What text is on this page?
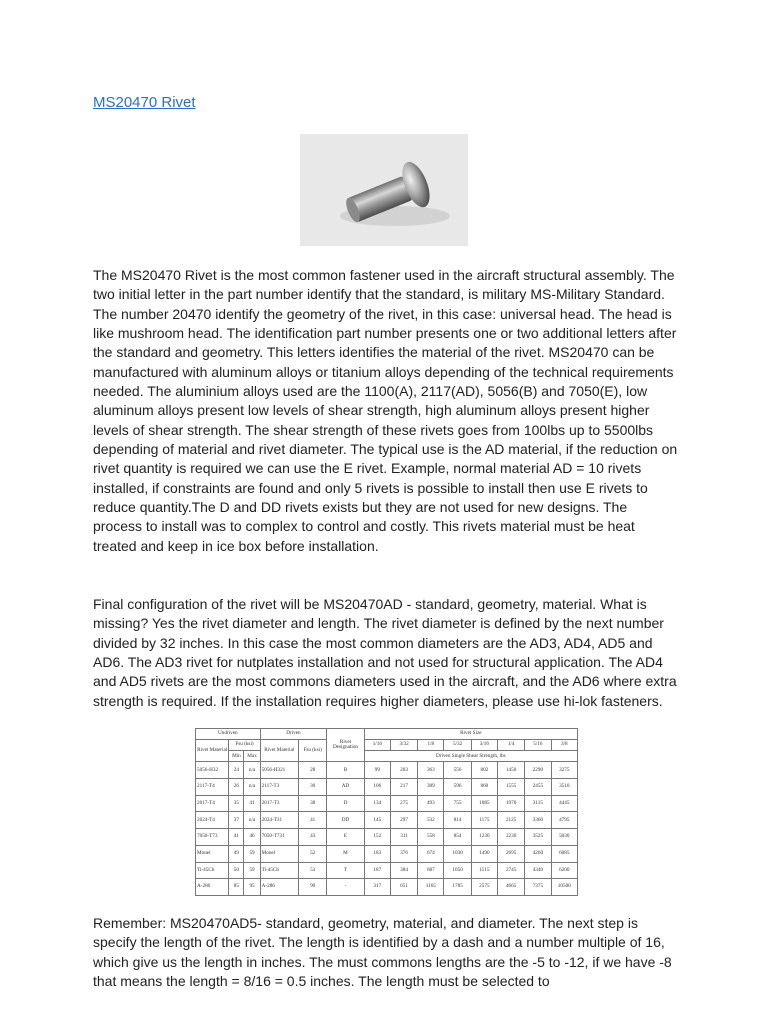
MS20470 Rivet

The MS20470 Rivet is the most common fastener used in the aircraft structural assembly. The two initial letter in the part number identify that the standard, is military MS-Military Standard. The number 20470 identify the geometry of the rivet, in this case: universal head. The head is like mushroom head. The identification part number presents one or two additional letters after the standard and geometry. This letters identifies the material of the rivet. MS20470 can be manufactured with aluminum alloys or titanium alloys depending of the technical requirements needed. The aluminium alloys used are the 1100(A), 2117(AD), 5056(B) and 7050(E), low aluminum alloys present low levels of shear strength, high aluminum alloys present higher levels of shear strength. The shear strength of these rivets goes from 100lbs up to 5500lbs depending of material and rivet diameter. The typical use is the AD material, if the reduction on rivet quantity is required we can use the E rivet. Example, normal material AD = 10 rivets installed, if constraints are found and only 5 rivets is possible to install then use E rivets to reduce quantity.The D and DD rivets exists but they are not used for new designs. The process to install was to complex to control and costly. This rivets material must be heat treated and keep in ice box before installation.

Final configuration of the rivet will be MS20470AD - standard, geometry, material. What is missing? Yes the rivet diameter and length. The rivet diameter is defined by the next number divided by 32 inches. In this case the most common diameters are the AD3, AD4, AD5 and AD6. The AD3 rivet for nutplates installation and not used for structural application. The AD4 and AD5 rivets are the most commons diameters used in the aircraft, and the AD6 where extra strength is required. If the installation requires higher diameters, please use hi-lok fasteners.

Undriven			Driven		Rivet Designation	Rivet Size							
Rivet Material	Fsu (ksi)		Rivet Material	Fsu (ksi)		1/16	3/32	1/8	5/32	3/16	1/4	5/16	3/8
	Min	Max				Driven Single Shear Strength, lbs							
5056-H32	24	n/a	5056-H321	28	B	99	203	363	556	802	1450	2290	3275
2117-T4	26	n/a	2117-T3	30	AD	106	217	389	596	860	1555	2455	3510
2017-T4	35	41	2017-T3	38	D	134	275	493	755	1085	1970	3115	4445
2024-T4	37	n/a	2024-T31	41	DD	145	297	532	814	1175	2125	3360	4795
7050-T73	41	46	7050-T731	43	E	152	311	558	854	1230	2230	3525	5030
Monel	49	59	Monel	52	M	183	376	674	1030	1490	2695	4260	6085
Ti-45Cb	50	59	Ti-45Cb	53	T	187	384	687	1050	1515	2745	4340	6200
A-286	85	95	A-286	90	-	317	651	1165	1785	2575	4665	7375	10500

Remember: MS20470AD5- standard, geometry, material, and diameter. The next step is specify the length of the rivet. The length is identified by a dash and a number multiple of 16, which give us the length in inches. The must commons lengths are the -5 to -12, if we have -8 that means the length = 8/16 = 0.5 inches. The length must be selected to
